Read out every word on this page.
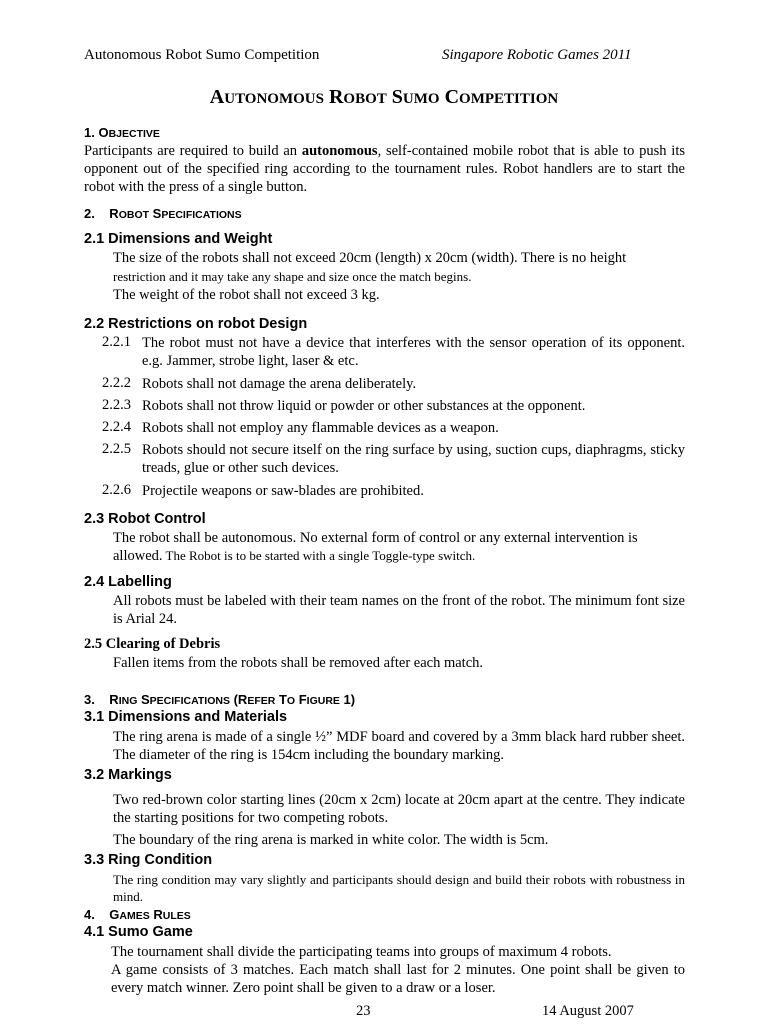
Autonomous Robot Sumo Competition	Singapore Robotic Games 2011
AUTONOMOUS ROBOT SUMO COMPETITION
1. OBJECTIVE
Participants are required to build an autonomous, self-contained mobile robot that is able to push its opponent out of the specified ring according to the tournament rules. Robot handlers are to start the robot with the press of a single button.
2. ROBOT SPECIFICATIONS
2.1 Dimensions and Weight
The size of the robots shall not exceed 20cm (length) x 20cm (width). There is no height
restriction and it may take any shape and size once the match begins.
The weight of the robot shall not exceed 3 kg.
2.2 Restrictions on robot Design
2.2.1 The robot must not have a device that interferes with the sensor operation of its opponent. e.g. Jammer, strobe light, laser & etc.
2.2.2 Robots shall not damage the arena deliberately.
2.2.3 Robots shall not throw liquid or powder or other substances at the opponent.
2.2.4 Robots shall not employ any flammable devices as a weapon.
2.2.5 Robots should not secure itself on the ring surface by using, suction cups, diaphragms, sticky treads, glue or other such devices.
2.2.6 Projectile weapons or saw-blades are prohibited.
2.3 Robot Control
The robot shall be autonomous. No external form of control or any external intervention is
allowed. The Robot is to be started with a single Toggle-type switch.
2.4 Labelling
All robots must be labeled with their team names on the front of the robot. The minimum font size is Arial 24.
2.5 Clearing of Debris
Fallen items from the robots shall be removed after each match.
3. RING SPECIFICATIONS (REFER TO FIGURE 1)
3.1 Dimensions and Materials
The ring arena is made of a single ½” MDF board and covered by a 3mm black hard rubber sheet. The diameter of the ring is 154cm including the boundary marking.
3.2 Markings
Two red-brown color starting lines (20cm x 2cm) locate at 20cm apart at the centre. They indicate the starting positions for two competing robots.
The boundary of the ring arena is marked in white color. The width is 5cm.
3.3 Ring Condition
The ring condition may vary slightly and participants should design and build their robots with robustness in mind.
4. GAMES RULES
4.1 Sumo Game
The tournament shall divide the participating teams into groups of maximum 4 robots.
A game consists of 3 matches. Each match shall last for 2 minutes. One point shall be given to every match winner. Zero point shall be given to a draw or a loser.
23	14 August 2007
